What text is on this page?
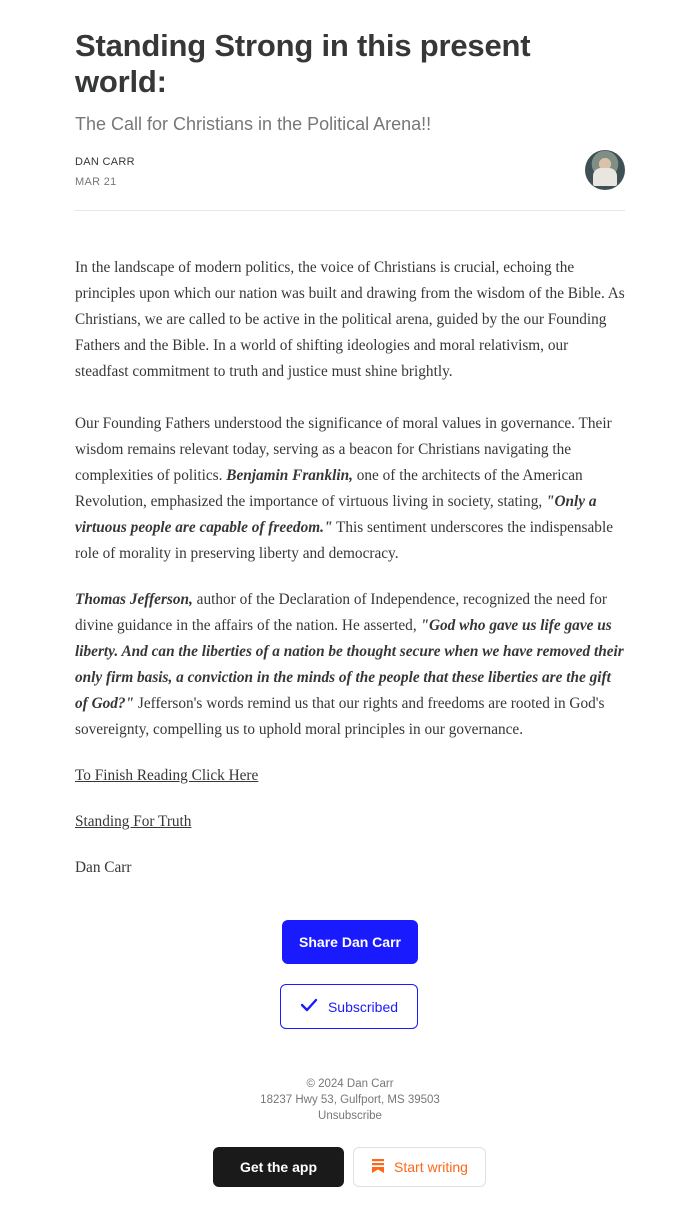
Standing Strong in this present world:
The Call for Christians in the Political Arena!!
DAN CARR
MAR 21

In the landscape of modern politics, the voice of Christians is crucial, echoing the principles upon which our nation was built and drawing from the wisdom of the Bible. As Christians, we are called to be active in the political arena, guided by the our Founding Fathers and the Bible. In a world of shifting ideologies and moral relativism, our steadfast commitment to truth and justice must shine brightly.

Our Founding Fathers understood the significance of moral values in governance. Their wisdom remains relevant today, serving as a beacon for Christians navigating the complexities of politics. Benjamin Franklin, one of the architects of the American Revolution, emphasized the importance of virtuous living in society, stating, "Only a virtuous people are capable of freedom." This sentiment underscores the indispensable role of morality in preserving liberty and democracy.

Thomas Jefferson, author of the Declaration of Independence, recognized the need for divine guidance in the affairs of the nation. He asserted, "God who gave us life gave us liberty. And can the liberties of a nation be thought secure when we have removed their only firm basis, a conviction in the minds of the people that these liberties are the gift of God?" Jefferson's words remind us that our rights and freedoms are rooted in God's sovereignty, compelling us to uphold moral principles in our governance.

To Finish Reading Click Here

Standing For Truth

Dan Carr

Share Dan Carr
Subscribed
© 2024 Dan Carr
18237 Hwy 53, Gulfport, MS 39503
Unsubscribe
Get the app	Start writing
